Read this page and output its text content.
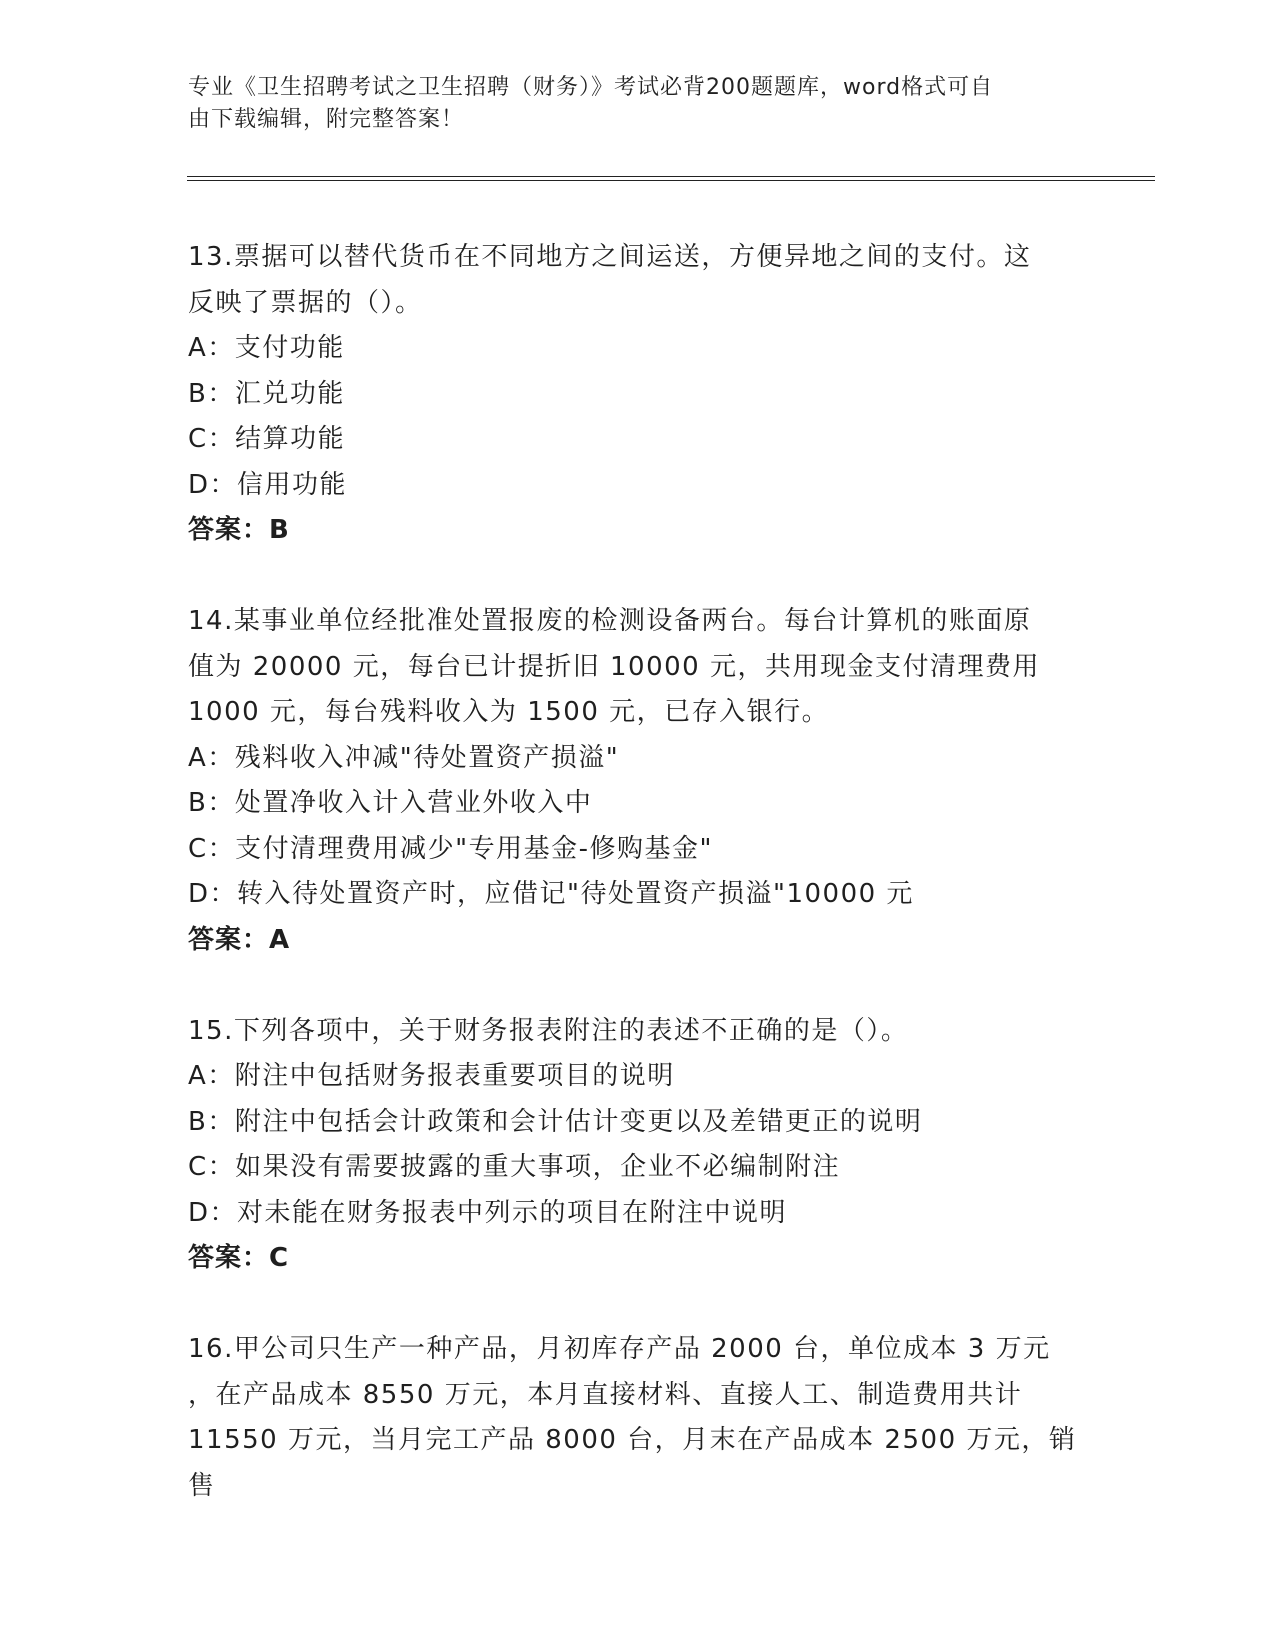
专业《卫生招聘考试之卫生招聘（财务）》考试必背200题题库，word格式可自
由下载编辑，附完整答案！
13.票据可以替代货币在不同地方之间运送，方便异地之间的支付。这
反映了票据的（）。
A：支付功能
B：汇兑功能
C：结算功能
D：信用功能
答案：B
14.某事业单位经批准处置报废的检测设备两台。每台计算机的账面原
值为 20000 元，每台已计提折旧 10000 元，共用现金支付清理费用
1000 元，每台残料收入为 1500 元，已存入银行。
A：残料收入冲减"待处置资产损溢"
B：处置净收入计入营业外收入中
C：支付清理费用减少"专用基金-修购基金"
D：转入待处置资产时，应借记"待处置资产损溢"10000 元
答案：A
15.下列各项中，关于财务报表附注的表述不正确的是（）。
A：附注中包括财务报表重要项目的说明
B：附注中包括会计政策和会计估计变更以及差错更正的说明
C：如果没有需要披露的重大事项，企业不必编制附注
D：对未能在财务报表中列示的项目在附注中说明
答案：C
16.甲公司只生产一种产品，月初库存产品 2000 台，单位成本 3 万元
，在产品成本 8550 万元，本月直接材料、直接人工、制造费用共计
11550 万元，当月完工产品 8000 台，月末在产品成本 2500 万元，销售
